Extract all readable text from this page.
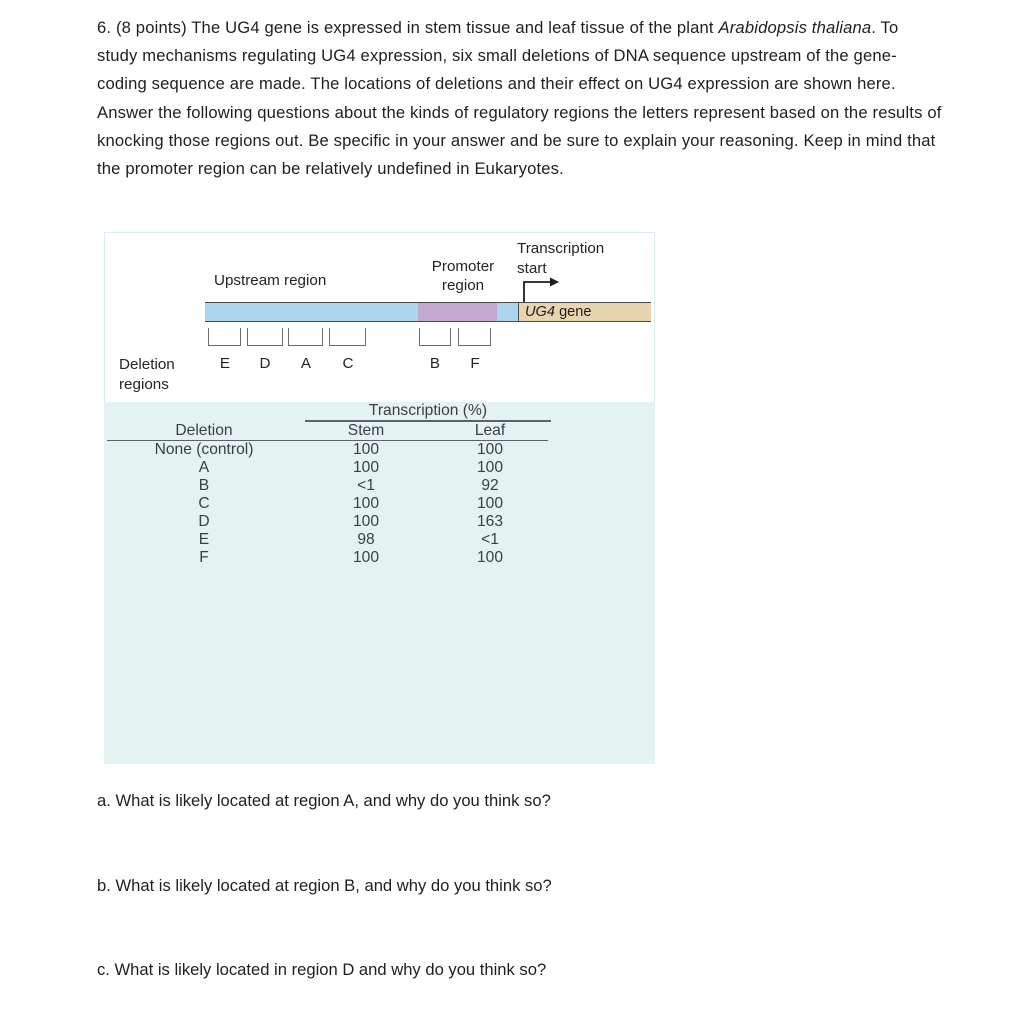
6. (8 points) The UG4 gene is expressed in stem tissue and leaf tissue of the plant Arabidopsis thaliana. To study mechanisms regulating UG4 expression, six small deletions of DNA sequence upstream of the gene-coding sequence are made. The locations of deletions and their effect on UG4 expression are shown here. Answer the following questions about the kinds of regulatory regions the letters represent based on the results of knocking those regions out. Be specific in your answer and be sure to explain your reasoning. Keep in mind that the promoter region can be relatively undefined in Eukaryotes.
Upstream region
Promoter
region
Transcription
start
UG4 gene
Deletion
regions
E	D	A	C	B	F
	Transcription (%)		

Deletion	Stem	Leaf	

None (control)	100	100	
A	100	100	
B	<1	92	
C	100	100	
D	100	163	
E	98	<1	
F	100	100	
a. What is likely located at region A, and why do you think so?
b. What is likely located at region B, and why do you think so?
c. What is likely located in region D and why do you think so?
